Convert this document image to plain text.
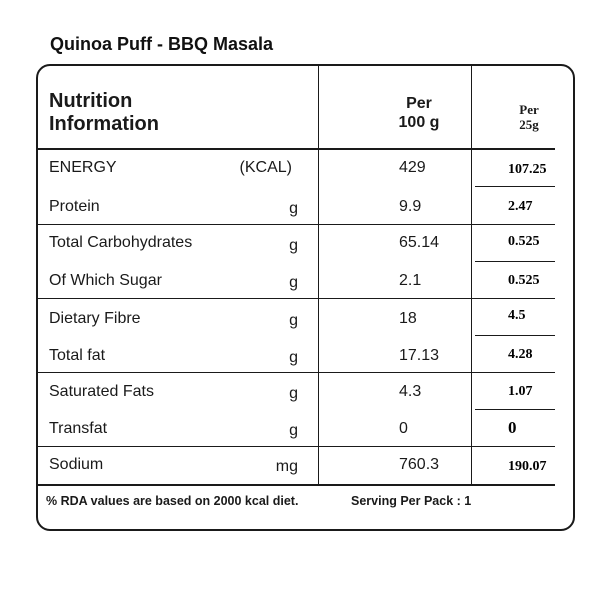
Quinoa Puff - BBQ Masala
Nutrition
Information
Per
100 g
Per
25g
ENERGY	(KCAL)	429	107.25
Protein	g	9.9	2.47
Total Carbohydrates	g	65.14	0.525
Of Which Sugar	g	2.1	0.525
Dietary Fibre	g	18	4.5
Total fat	g	17.13	4.28
Saturated Fats	g	4.3	1.07
Transfat	g	0	0
Sodium	mg	760.3	190.07
% RDA values are based on 2000 kcal diet.	Serving Per Pack : 1
